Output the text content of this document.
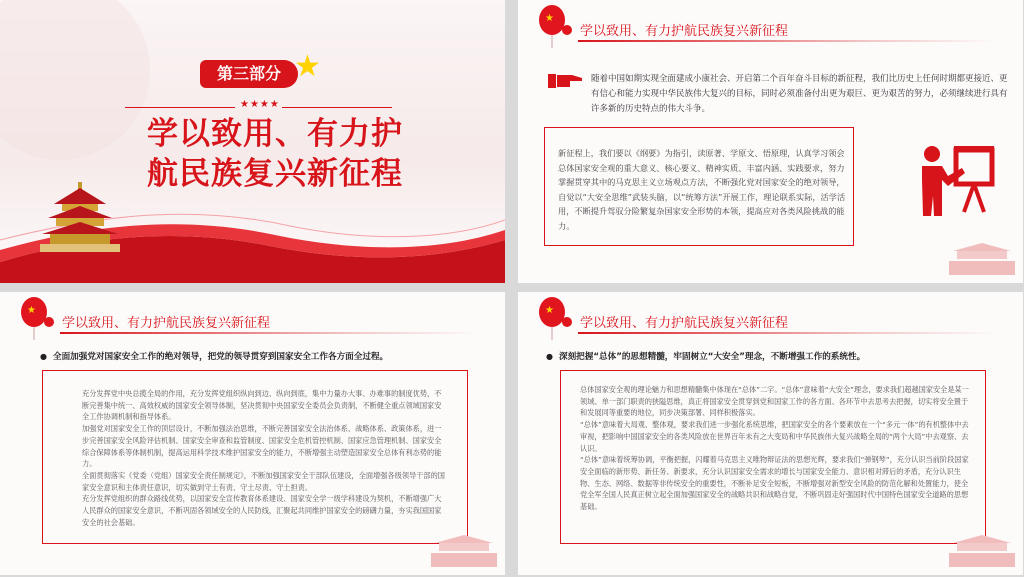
第三部分 ★
★★★★
学以致用、有力护
航民族复兴新征程
★
学以致用、有力护航民族复兴新征程
随着中国如期实现全面建成小康社会、开启第二个百年奋斗目标的新征程，我们比历史上任何时期都更接近、更有信心和能力实现中华民族伟大复兴的目标，同时必须准备付出更为艰巨、更为艰苦的努力，必须继续进行具有许多新的历史特点的伟大斗争。
新征程上，我们要以《纲要》为指引，读原著、学原文、悟原理，认真学习领会总体国家安全观的重大意义、核心要义、精神实质、丰富内涵、实践要求，努力掌握贯穿其中的马克思主义立场观点方法，不断强化党对国家安全的绝对领导，自觉以“大安全思维”武装头脑，以“统筹方法”开展工作，理论联系实际，活学活用，不断提升驾驭分险繁复杂国家安全形势的本领，提高应对各类风险挑战的能力。
★
学以致用、有力护航民族复兴新征程
● 全面加强党对国家安全工作的绝对领导，把党的领导贯穿到国家安全工作各方面全过程。
充分发挥党中央总揽全局的作用，充分发挥党组织纵向到边、纵向到底，集中力量办大事、办难事的制度优势，不断完善集中统一、高效权威的国家安全领导体制，坚决贯彻中央国家安全委员会负责制，不断健全重点领域国家安全工作协调机制和指导体系。
加强党对国家安全工作的顶层设计，不断加强法治思维，不断完善国家安全法治体系、战略体系、政策体系，进一步完善国家安全风险评估机制、国家安全审查和监管制度、国家安全危机管控机制、国家应急管理机制、国家安全综合保障体系等体制机制，提高运用科学技术维护国家安全的能力，不断增强主动塑造国家安全总体有利态势的能力。
全面贯彻落实《党委（党组）国家安全责任制规定》，不断加强国家安全干部队伍建设，全面增强各级领导干部的国家安全意识和主体责任意识，切实做到守土有责、守土尽责、守土担责。
充分发挥党组织的群众路线优势，以国家安全宣传教育体系建设、国家安全学一级学科建设为契机，不断增强广大人民群众的国家安全意识，不断巩固各领域安全的人民防线，汇聚起共同维护国家安全的磅礴力量，夯实我国国家安全的社会基础。
★
学以致用、有力护航民族复兴新征程
● 深刻把握“总体”的思想精髓，牢固树立“大安全”理念，不断增强工作的系统性。
总体国家安全观的理论魅力和思想精髓集中体现在“总体”二字。“总体”意味着“大安全”理念，要求我们超越国家安全是某一领域、单一部门职责的狭隘思维，真正将国家安全贯穿到党和国家工作的各方面、各环节中去思考去把握，切实将安全置于和发展同等重要的地位，同步决策部署、同样积极落实。
“总体”意味着大局观、整体观，要求我们进一步强化系统思维，把国家安全的各个要素放在一个“多元一体”的有机整体中去审视，把影响中国国家安全的各类风险放在世界百年未有之大变局和中华民族伟大复兴战略全局的“两个大局”中去观察、去认识。
“总体”意味着统筹协调，平衡把握，闪耀着马克思主义唯物辩证法的思想光辉，要求我们“弹钢琴”，充分认识当前阶段国家安全面临的新形势、新任务、新要求，充分认识国家安全需求的增长与国家安全能力、意识相对滞后的矛盾，充分认识生物、生态、网络、数据等非传统安全的重要性，不断补足安全短板，不断增强对新型安全风险的防范化解和处置能力，使全党全军全国人民真正树立起全面加强国家安全的战略共识和战略自觉，不断巩固走好强国时代中国特色国家安全道路的思想基础。
